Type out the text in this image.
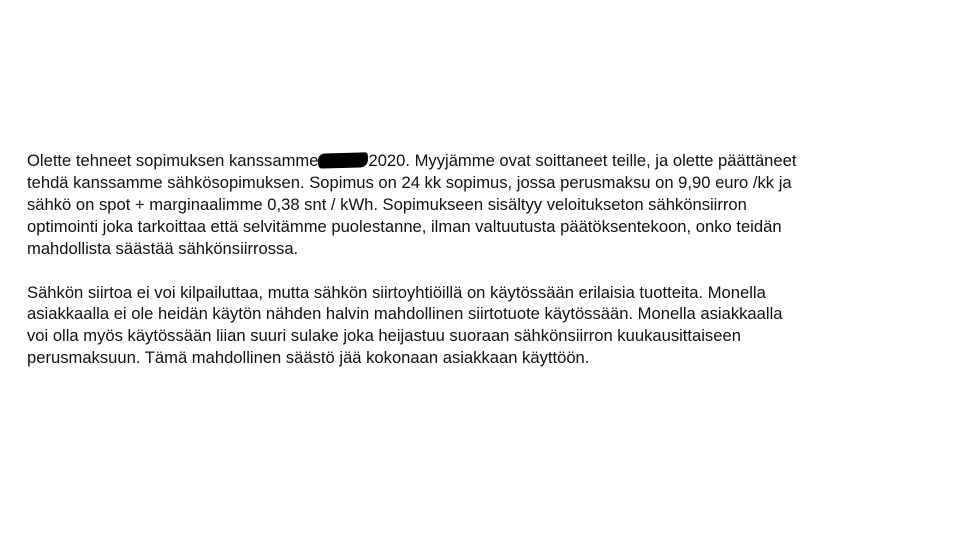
Olette tehneet sopimuksen kanssamme	2020. Myyjämme ovat soittaneet teille, ja olette päättäneet
tehdä kanssamme sähkösopimuksen. Sopimus on 24 kk sopimus, jossa perusmaksu on 9,90 euro /kk ja
sähkö on spot + marginaalimme 0,38 snt / kWh. Sopimukseen sisältyy veloitukseton sähkönsiirron
optimointi joka tarkoittaa että selvitämme puolestanne, ilman valtuutusta päätöksentekoon, onko teidän
mahdollista säästää sähkönsiirrossa.

Sähkön siirtoa ei voi kilpailuttaa, mutta sähkön siirtoyhtiöillä on käytössään erilaisia tuotteita. Monella
asiakkaalla ei ole heidän käytön nähden halvin mahdollinen siirtotuote käytössään. Monella asiakkaalla
voi olla myös käytössään liian suuri sulake joka heijastuu suoraan sähkönsiirron kuukausittaiseen
perusmaksuun. Tämä mahdollinen säästö jää kokonaan asiakkaan käyttöön.
